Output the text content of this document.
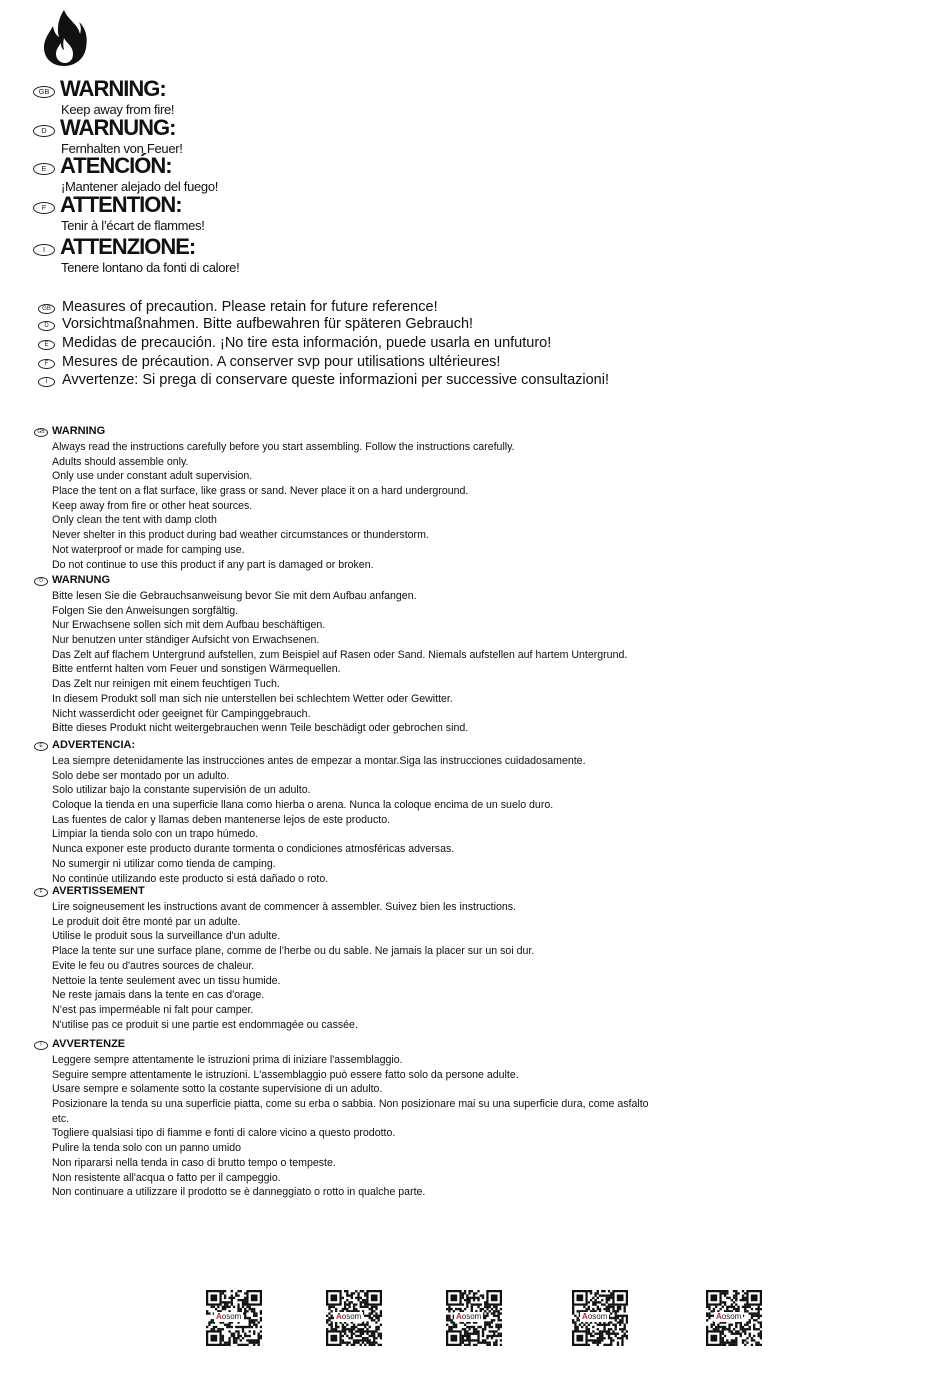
GB WARNING:
Keep away from fire!
D WARNUNG:
Fernhalten von Feuer!
E ATENCIÓN:
¡Mantener alejado del fuego!
F ATTENTION:
Tenir à l’écart de flammes!
I ATTENZIONE:
Tenere lontano da fonti di calore!
GB Measures of precaution. Please retain for future reference!
D Vorsichtmaßnahmen. Bitte aufbewahren für späteren Gebrauch!
E Medidas de precaución. ¡No tire esta información, puede usarla en unfuturo!
F Mesures de précaution. A conserver svp pour utilisations ultérieures!
I	Avvertenze: Si prega di conservare queste informazioni per successive consultazioni!
GB WARNING
Always read the instructions carefully before you start assembling. Follow the instructions carefully.
Adults should assemble only.
Only use under constant adult supervision.
Place the tent on a flat surface, like grass or sand. Never place it on a hard underground.
Keep away from fire or other heat sources.
Only clean the tent with damp cloth
Never shelter in this product during bad weather circumstances or thunderstorm.
Not waterproof or made for camping use.
Do not continue to use this product if any part is damaged or broken.
D WARNUNG
Bitte lesen Sie die Gebrauchsanweisung bevor Sie mit dem Aufbau anfangen.
Folgen Sie den Anweisungen sorgfältig.
Nur Erwachsene sollen sich mit dem Aufbau beschäftigen.
Nur benutzen unter ständiger Aufsicht von Erwachsenen.
Das Zelt auf flachem Untergrund aufstellen, zum Beispiel auf Rasen oder Sand. Niemals aufstellen auf hartem Untergrund.
Bitte entfernt halten vom Feuer und sonstigen Wärmequellen.
Das Zelt nur reinigen mit einem feuchtigen Tuch.
In diesem Produkt soll man sich nie unterstellen bei schlechtem Wetter oder Gewitter.
Nicht wasserdicht oder geeignet für Campinggebrauch.
Bitte dieses Produkt nicht weitergebrauchen wenn Teile beschädigt oder gebrochen sind.
E ADVERTENCIA:
Lea siempre detenidamente las instrucciones antes de empezar a montar.Siga las instrucciones cuidadosamente.
Solo debe ser montado por un adulto.
Solo utilizar bajo la constante supervisión de un adulto.
Coloque la tienda en una superficie llana como hierba o arena. Nunca la coloque encima de un suelo duro.
Las fuentes de calor y llamas deben mantenerse lejos de este producto.
Limpiar la tienda solo con un trapo húmedo.
Nunca exponer este producto durante tormenta o condiciones atmosféricas adversas.
No sumergir ni utilizar como tienda de camping.
No continúe utilizando este producto si está dañado o roto.
F AVERTISSEMENT
Lire soigneusement les instructions avant de commencer à assembler. Suivez bien les instructions.
Le produit doit être monté par un adulte.
Utilise le produit sous la surveillance d'un adulte.
Place la tente sur une surface plane, comme de l’herbe ou du sable. Ne jamais la placer sur un soi dur.
Evite le feu ou d'autres sources de chaleur.
Nettoie la tente seulement avec un tissu humide.
Ne reste jamais dans la tente en cas d'orage.
N’est pas imperméable ni falt pour camper.
N'utilise pas ce produit si une partie est endommagée ou cassée.
I AVVERTENZE
Leggere sempre attentamente le istruzioni prima di iniziare l'assemblaggio.
Seguire sempre attentamente le istruzioni. L'assemblaggio può essere fatto solo da persone adulte.
Usare sempre e solamente sotto la costante supervisione di un adulto.
Posizionare la tenda su una superficie piatta, come su erba o sabbia. Non posizionare mai su una superficie dura, come asfalto
etc.
Togliere qualsiasi tipo di fiamme e fonti di calore vicino a questo prodotto.
Pulire la tenda solo con un panno umido
Non ripararsi nella tenda in caso di brutto tempo o tempeste.
Non resistente all'acqua o fatto per il campeggio.
Non continuare a utilizzare il prodotto se è danneggiato o rotto in qualche parte.
Aosom	Aosom	Aosom	Aosom	Aosom
